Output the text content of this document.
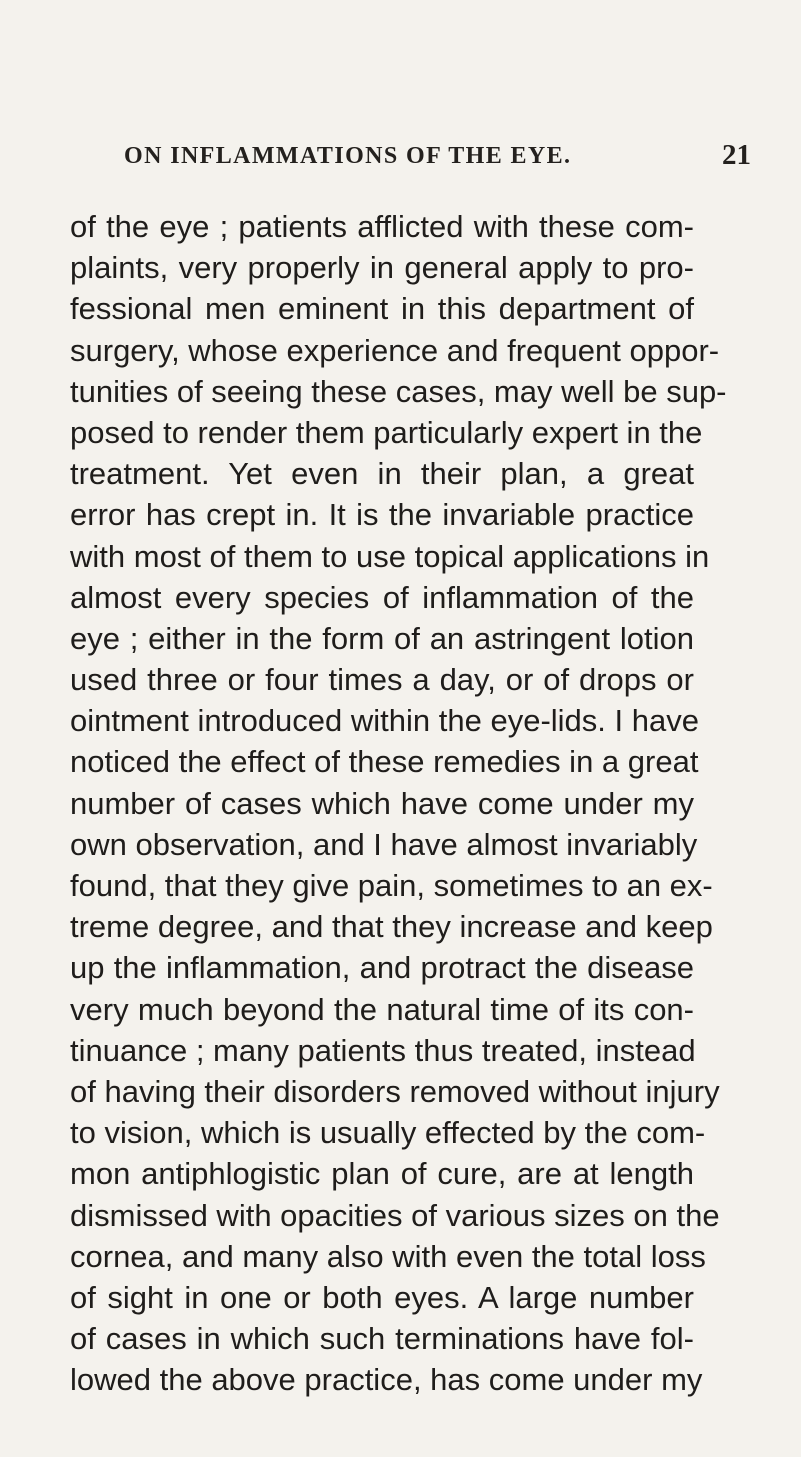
ON INFLAMMATIONS OF THE EYE.	21
of the eye ; patients afflicted with these com-
plaints, very properly in general apply to pro-
fessional men eminent in this department of
surgery, whose experience and frequent oppor-
tunities of seeing these cases, may well be sup-
posed to render them particularly expert in the
treatment. Yet even in their plan, a great
error has crept in. It is the invariable practice
with most of them to use topical applications in
almost every species of inflammation of the
eye ; either in the form of an astringent lotion
used three or four times a day, or of drops or
ointment introduced within the eye-lids. I have
noticed the effect of these remedies in a great
number of cases which have come under my
own observation, and I have almost invariably
found, that they give pain, sometimes to an ex-
treme degree, and that they increase and keep
up the inflammation, and protract the disease
very much beyond the natural time of its con-
tinuance ; many patients thus treated, instead
of having their disorders removed without injury
to vision, which is usually effected by the com-
mon antiphlogistic plan of cure, are at length
dismissed with opacities of various sizes on the
cornea, and many also with even the total loss
of sight in one or both eyes. A large number
of cases in which such terminations have fol-
lowed the above practice, has come under my
